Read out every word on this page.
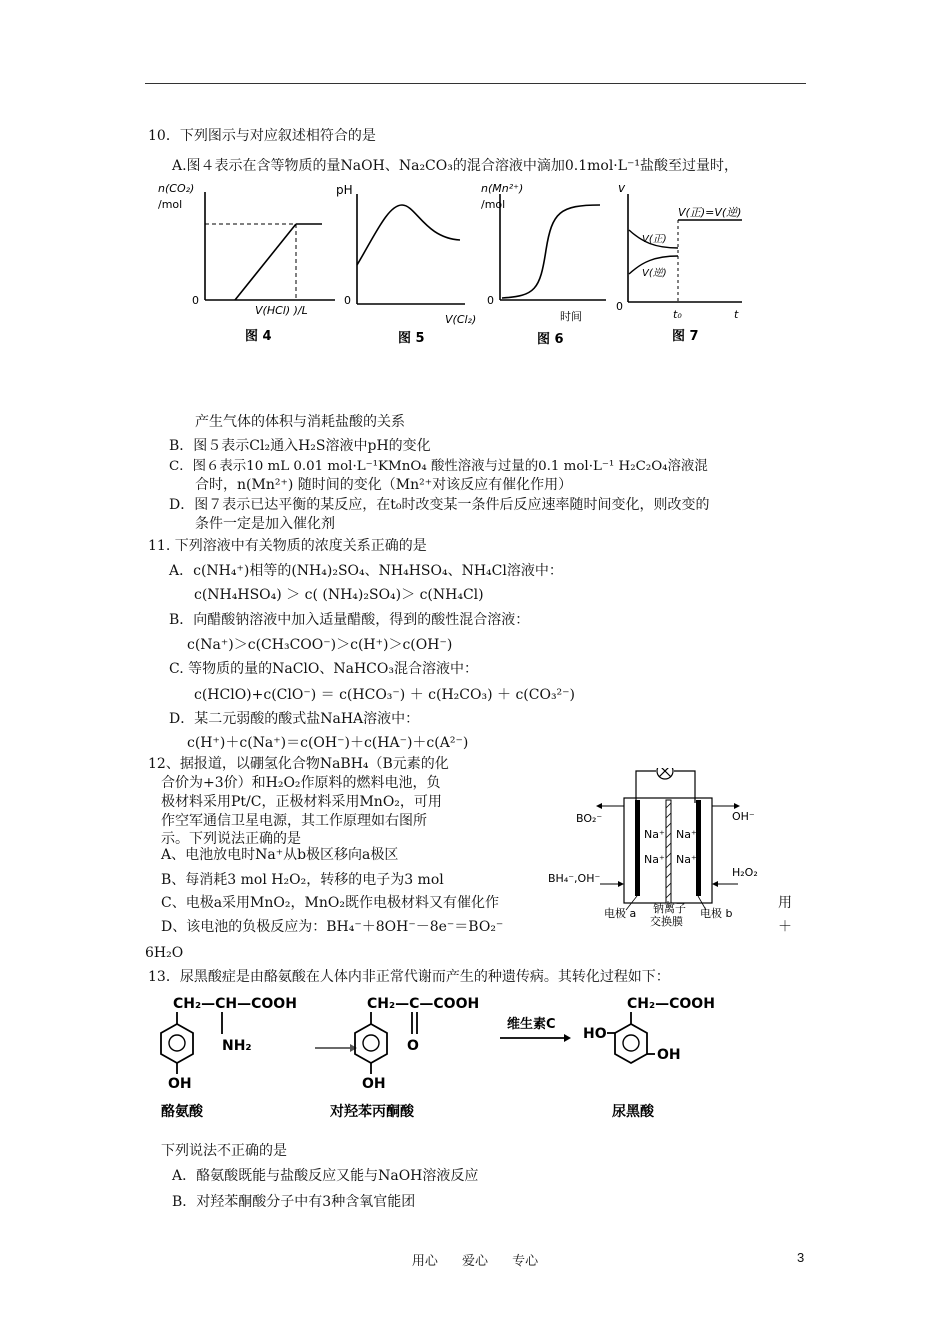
10．下列图示与对应叙述相符合的是
A.图４表示在含等物质的量NaOH、Na₂CO₃的混合溶液中滴加0.1mol·L⁻¹盐酸至过量时，
n(CO₂)
/mol
0
V(HCl) )/L
图 4
pH
0
V(Cl₂)
图 5
n(Mn²⁺)
/mol
0
时间
图 6
v
V(正)=V(逆)
V(正)
V(逆)
0
t₀	t
图 7
产生气体的体积与消耗盐酸的关系
B．图５表示Cl₂通入H₂S溶液中pH的变化
C．图６表示10 mL 0.01 mol·L⁻¹KMnO₄ 酸性溶液与过量的0.1 mol·L⁻¹ H₂C₂O₄溶液混
合时，n(Mn²⁺) 随时间的变化（Mn²⁺对该反应有催化作用）
D．图７表示已达平衡的某反应，在t₀时改变某一条件后反应速率随时间变化，则改变的
条件一定是加入催化剂
11. 下列溶液中有关物质的浓度关系正确的是
A．c(NH₄⁺)相等的(NH₄)₂SO₄、NH₄HSO₄、NH₄Cl溶液中：
c(NH₄HSO₄) ＞ c( (NH₄)₂SO₄)＞ c(NH₄Cl)
B．向醋酸钠溶液中加入适量醋酸，得到的酸性混合溶液：
c(Na⁺)＞c(CH₃COO⁻)＞c(H⁺)＞c(OH⁻)
C. 等物质的量的NaClO、NaHCO₃混合溶液中：
c(HClO)+c(ClO⁻) ＝ c(HCO₃⁻) ＋ c(H₂CO₃) ＋ c(CO₃²⁻)
D．某二元弱酸的酸式盐NaHA溶液中：
c(H⁺)＋c(Na⁺)＝c(OH⁻)＋c(HA⁻)＋c(A²⁻)
12、据报道，以硼氢化合物NaBH₄（B元素的化
合价为+3价）和H₂O₂作原料的燃料电池，负
极材料采用Pt/C，正极材料采用MnO₂，可用
作空军通信卫星电源，其工作原理如右图所
示。下列说法正确的是
A、电池放电时Na⁺从b极区移向a极区
B、每消耗3 mol H₂O₂，转移的电子为3 mol
C、电极a采用MnO₂，MnO₂既作电极材料又有催化作	用
D、该电池的负极反应为：BH₄⁻＋8OH⁻－8e⁻＝BO₂⁻	＋
6H₂O
BO₂⁻	OH⁻
BH₄⁻,OH⁻	H₂O₂
Na⁺ Na⁺
Na⁺ Na⁺
电极 a 钠离子
交换膜
电极 b
13．尿黑酸症是由酪氨酸在人体内非正常代谢而产生的种遗传病。其转化过程如下：
CH₂—CH—COOH
NH₂
OH
酪氨酸
CH₂—C—COOH
O
OH
对羟苯丙酮酸
维生素C
CH₂—COOH
HO
OH
尿黑酸
下列说法不正确的是
A．酪氨酸既能与盐酸反应又能与NaOH溶液反应
B．对羟苯酮酸分子中有3种含氧官能团
用心 爱心 专心	3
